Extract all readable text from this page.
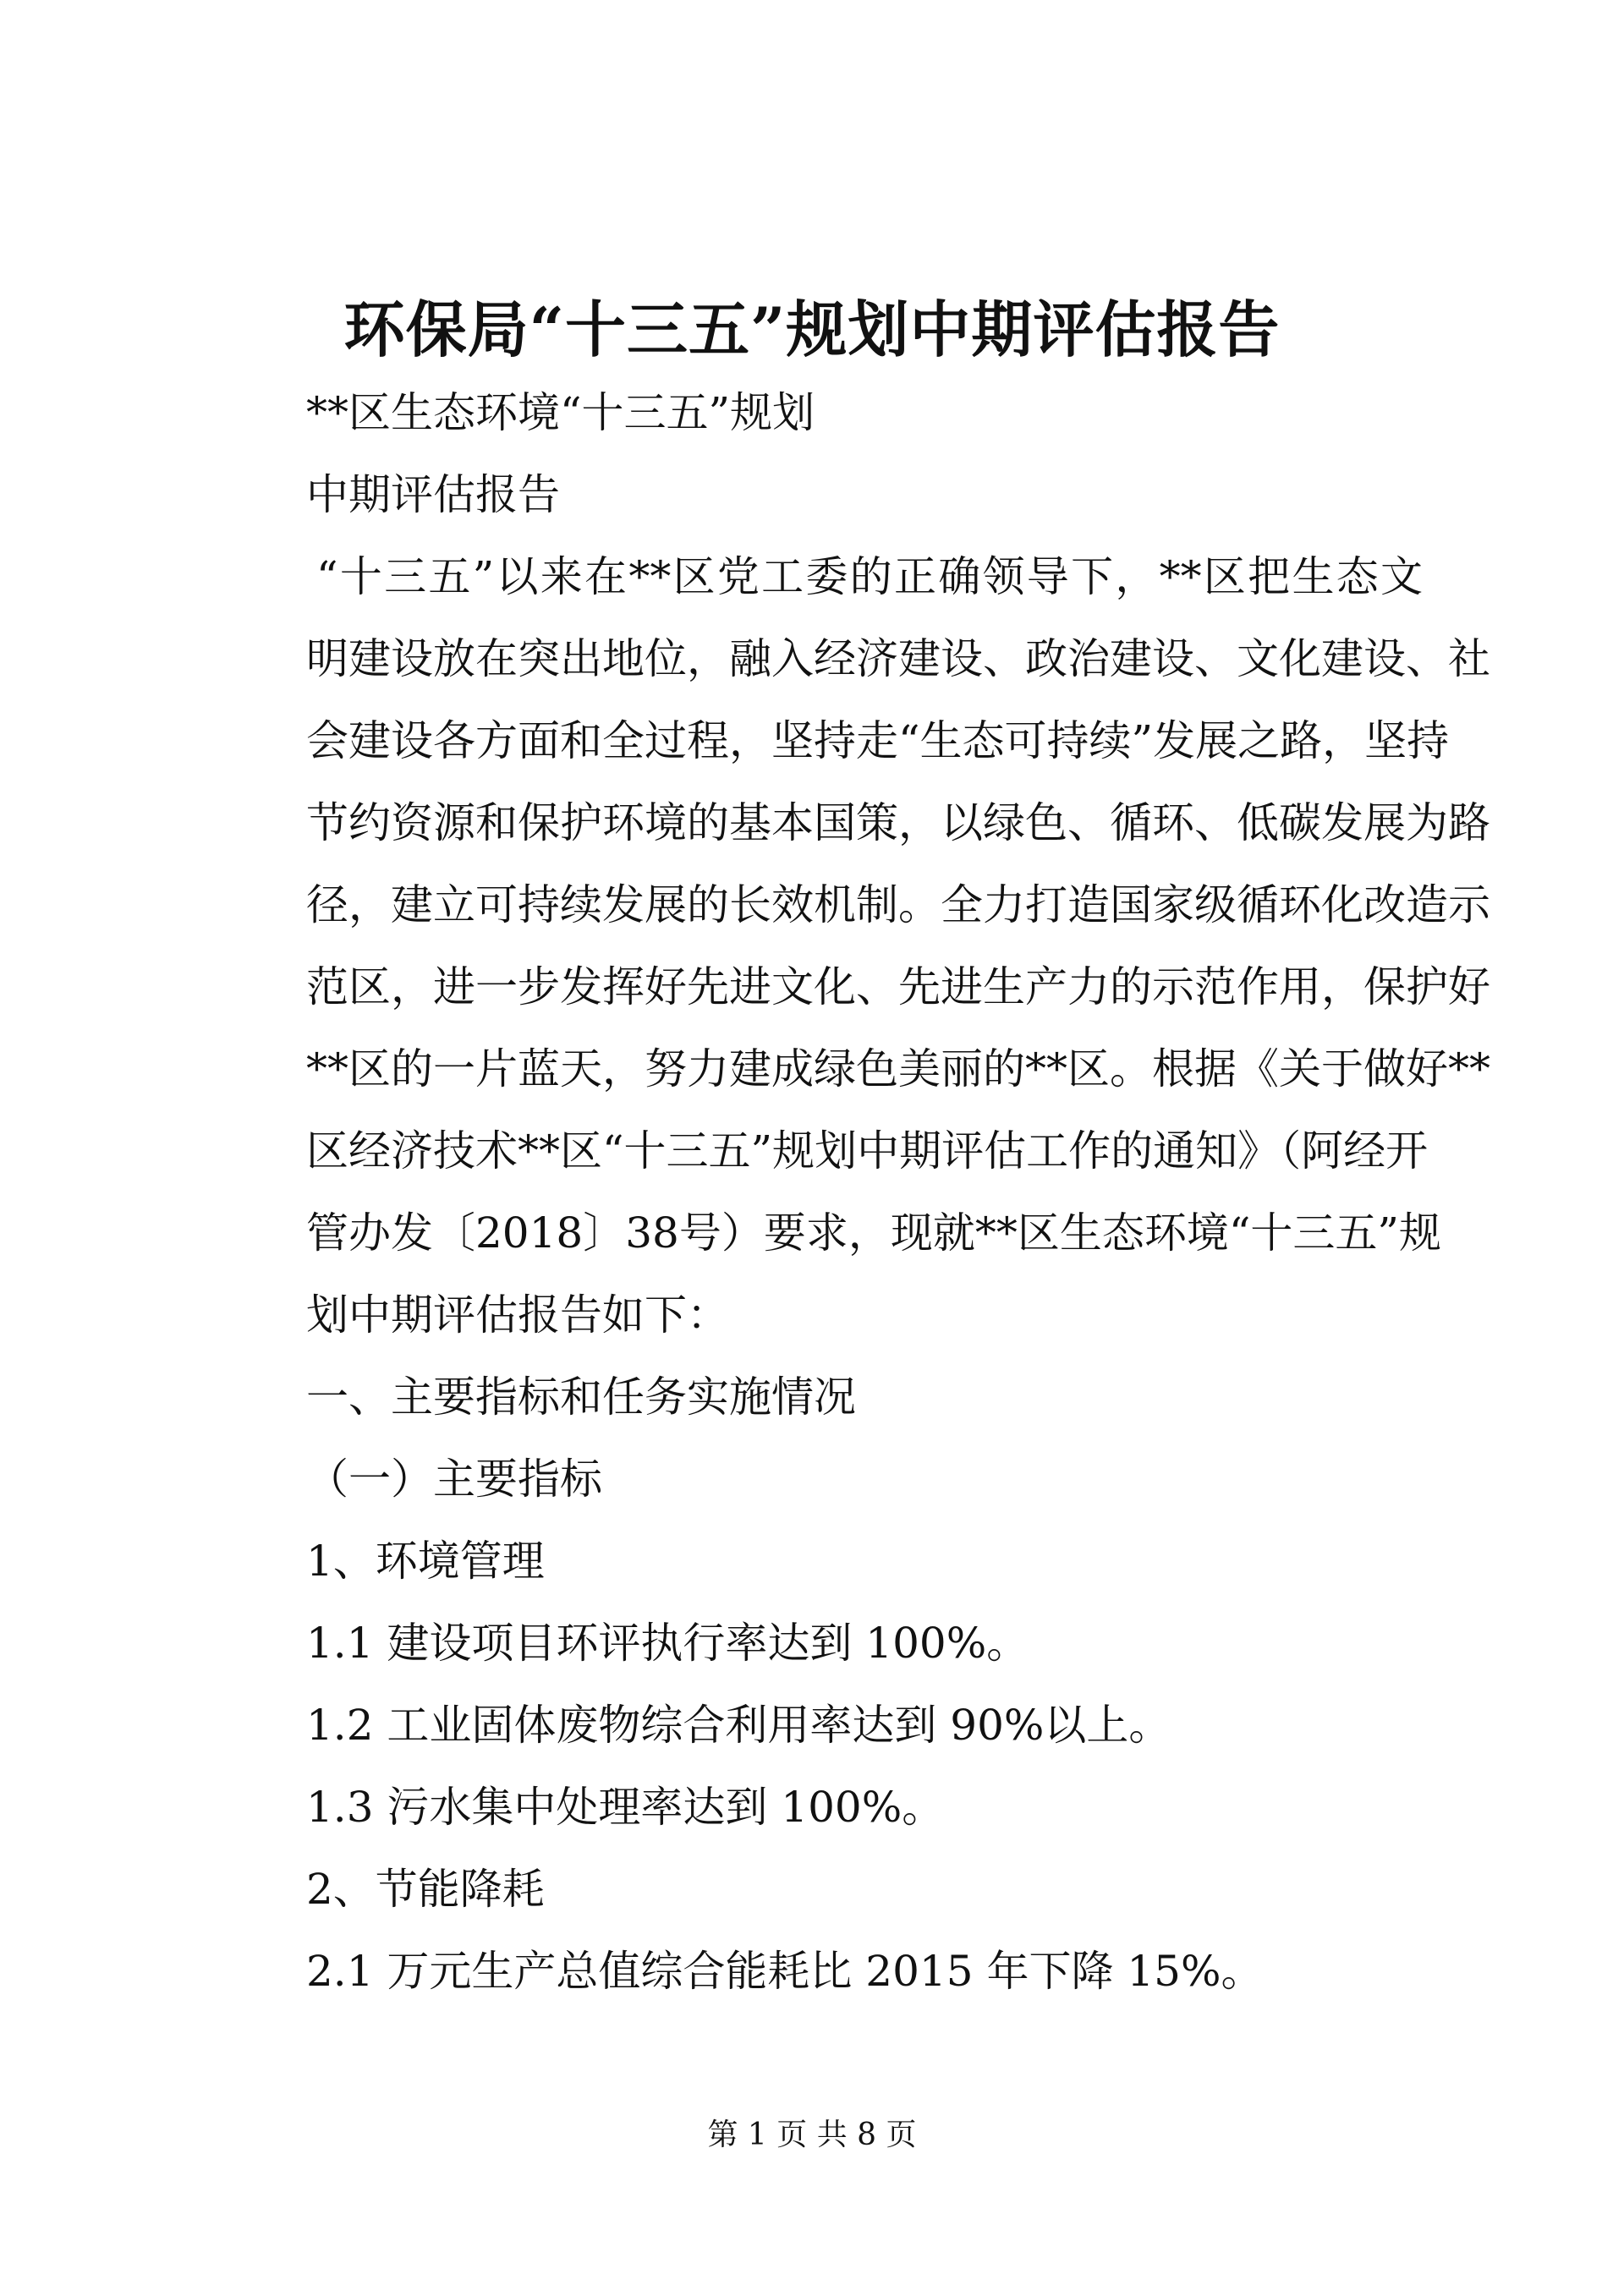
环保局“十三五”规划中期评估报告

**区生态环境“十三五”规划

中期评估报告

“十三五”以来在**区党工委的正确领导下，**区把生态文
明建设放在突出地位，融入经济建设、政治建设、文化建设、社
会建设各方面和全过程，坚持走“生态可持续”发展之路，坚持
节约资源和保护环境的基本国策，以绿色、循环、低碳发展为路
径，建立可持续发展的长效机制。全力打造国家级循环化改造示
范区，进一步发挥好先进文化、先进生产力的示范作用，保护好
**区的一片蓝天，努力建成绿色美丽的**区。根据《关于做好**
区经济技术**区“十三五”规划中期评估工作的通知》（阿经开
管办发〔2018〕38号）要求，现就**区生态环境“十三五”规
划中期评估报告如下：

一、主要指标和任务实施情况

（一）主要指标

1、环境管理

1.1 建设项目环评执行率达到 100%。

1.2 工业固体废物综合利用率达到 90%以上。

1.3 污水集中处理率达到 100%。

2、节能降耗

2.1 万元生产总值综合能耗比 2015 年下降 15%。

第 1 页 共 8 页
